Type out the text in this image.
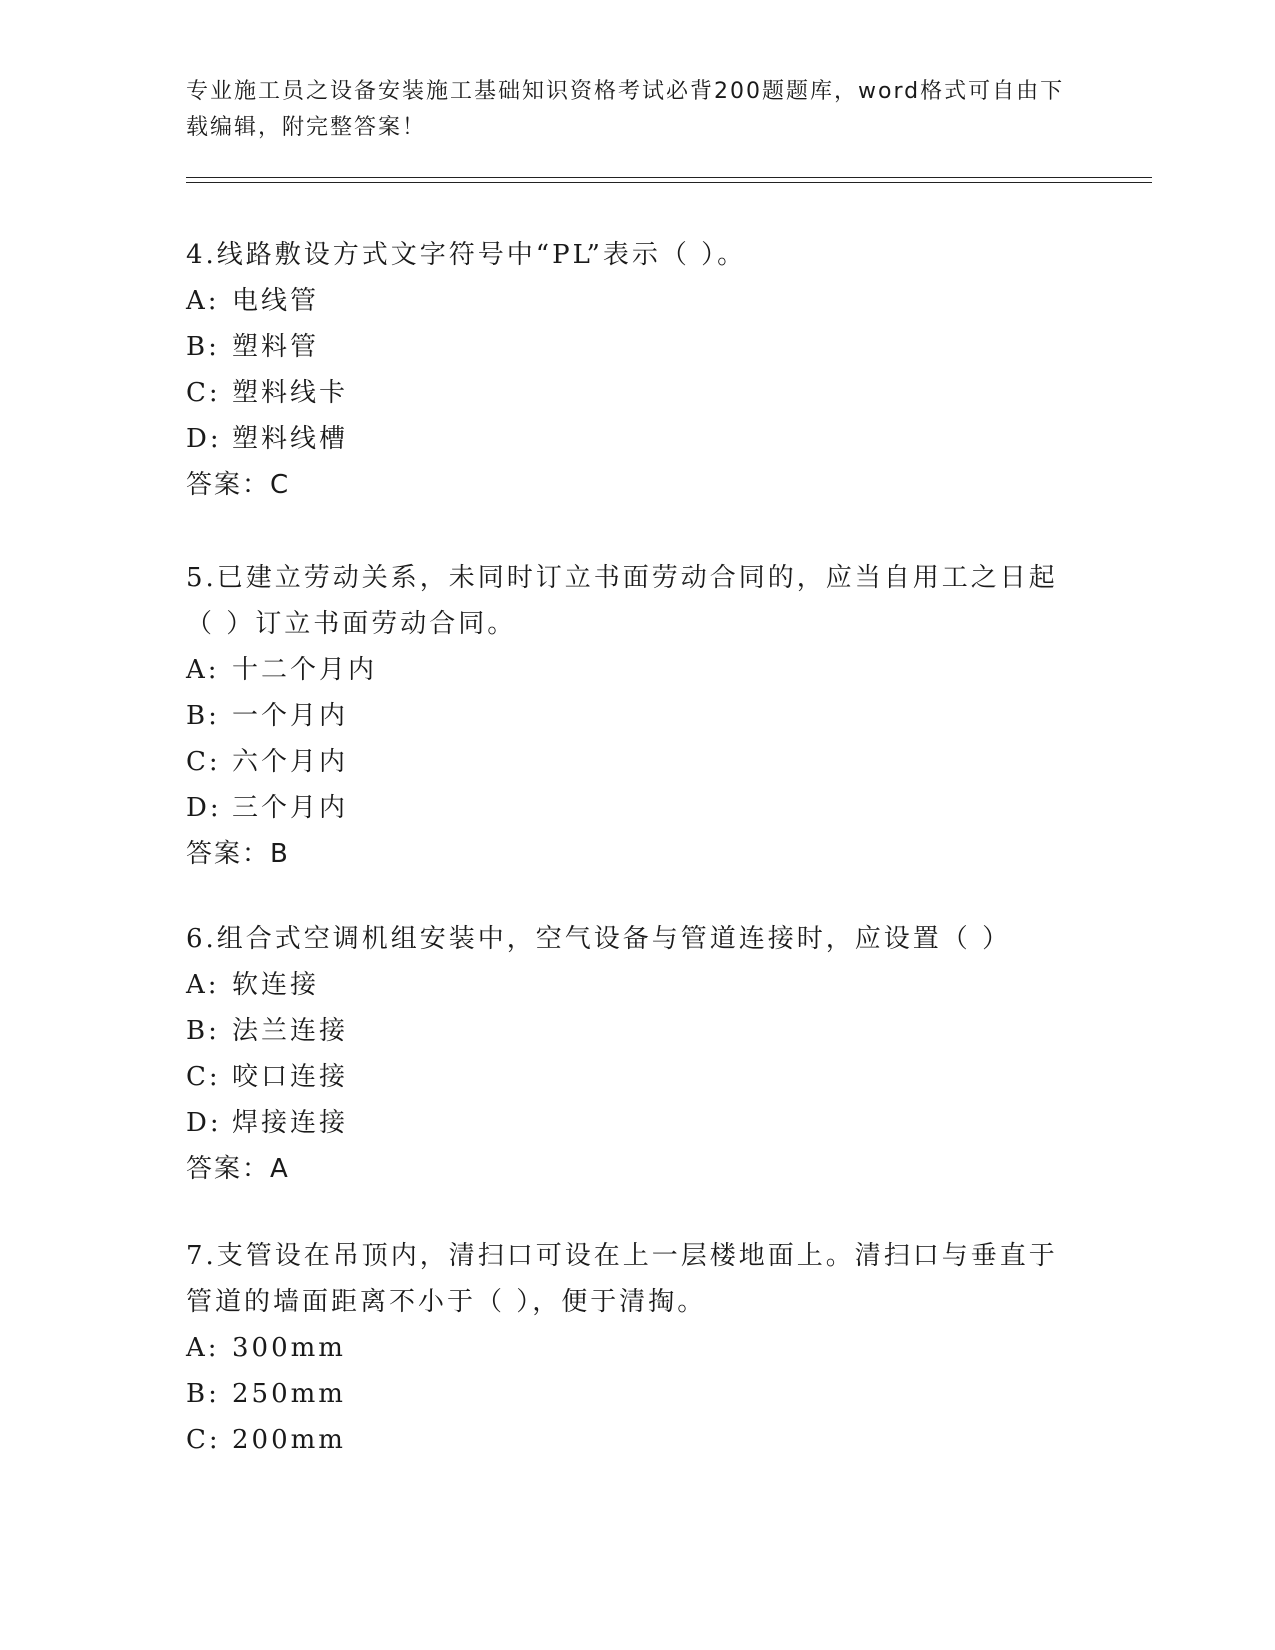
专业施工员之设备安装施工基础知识资格考试必背200题题库，word格式可自由下载编辑，附完整答案！

4.线路敷设方式文字符号中“PL”表示（ ）。

A: 电线管

B: 塑料管

C: 塑料线卡

D: 塑料线槽

答案：C

5.已建立劳动关系，未同时订立书面劳动合同的，应当自用工之日起（ ）订立书面劳动合同。

A: 十二个月内

B: 一个月内

C: 六个月内

D: 三个月内

答案：B

6.组合式空调机组安装中，空气设备与管道连接时，应设置（ ）

A: 软连接

B: 法兰连接

C: 咬口连接

D: 焊接连接

答案：A

7.支管设在吊顶内，清扫口可设在上一层楼地面上。清扫口与垂直于管道的墙面距离不小于（ ），便于清掏。

A: 300mm

B: 250mm

C: 200mm
